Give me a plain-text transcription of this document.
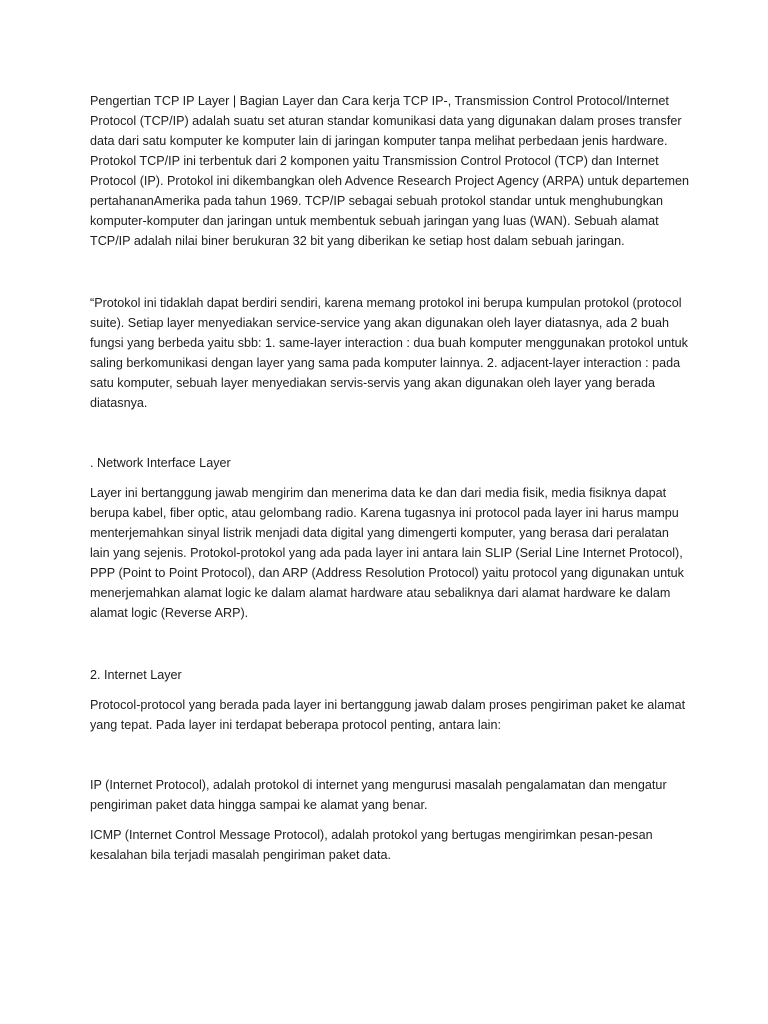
Pengertian TCP IP Layer | Bagian Layer dan Cara kerja TCP IP-, Transmission Control Protocol/Internet Protocol (TCP/IP) adalah suatu set aturan standar komunikasi data yang digunakan dalam proses transfer data dari satu komputer ke komputer lain di jaringan komputer tanpa melihat perbedaan jenis hardware. Protokol TCP/IP ini terbentuk dari 2 komponen yaitu Transmission Control Protocol (TCP) dan Internet Protocol (IP). Protokol ini dikembangkan oleh Advence Research Project Agency (ARPA) untuk departemen pertahananAmerika pada tahun 1969. TCP/IP sebagai sebuah protokol standar untuk menghubungkan komputer-komputer dan jaringan untuk membentuk sebuah jaringan yang luas (WAN). Sebuah alamat TCP/IP adalah nilai biner berukuran 32 bit yang diberikan ke setiap host dalam sebuah jaringan.

“Protokol ini tidaklah dapat berdiri sendiri, karena memang protokol ini berupa kumpulan protokol (protocol suite). Setiap layer menyediakan service-service yang akan digunakan oleh layer diatasnya, ada 2 buah fungsi yang berbeda yaitu sbb: 1. same-layer interaction : dua buah komputer menggunakan protokol untuk saling berkomunikasi dengan layer yang sama pada komputer lainnya. 2. adjacent-layer interaction : pada satu komputer, sebuah layer menyediakan servis-servis yang akan digunakan oleh layer yang berada diatasnya.

. Network Interface Layer

Layer ini bertanggung jawab mengirim dan menerima data ke dan dari media fisik, media fisiknya dapat berupa kabel, fiber optic, atau gelombang radio. Karena tugasnya ini protocol pada layer ini harus mampu menterjemahkan sinyal listrik menjadi data digital yang dimengerti komputer, yang berasa dari peralatan lain yang sejenis. Protokol-protokol yang ada pada layer ini antara lain SLIP (Serial Line Internet Protocol), PPP (Point to Point Protocol), dan ARP (Address Resolution Protocol) yaitu protocol yang digunakan untuk menerjemahkan alamat logic ke dalam alamat hardware atau sebaliknya dari alamat hardware ke dalam alamat logic (Reverse ARP).

2. Internet Layer

Protocol-protocol yang berada pada layer ini bertanggung jawab dalam proses pengiriman paket ke alamat yang tepat. Pada layer ini terdapat beberapa protocol penting, antara lain:

IP (Internet Protocol), adalah protokol di internet yang mengurusi masalah pengalamatan dan mengatur pengiriman paket data hingga sampai ke alamat yang benar.

ICMP (Internet Control Message Protocol), adalah protokol yang bertugas mengirimkan pesan-pesan kesalahan bila terjadi masalah pengiriman paket data.
